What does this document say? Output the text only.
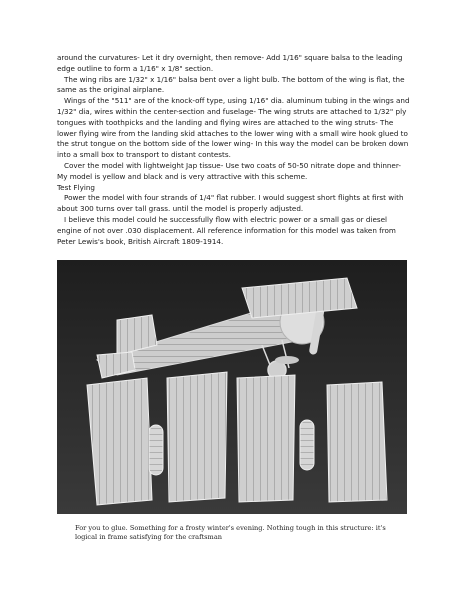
around the curvatures- Let it dry overnight, then remove- Add 1/16" square balsa to the leading edge outline to form a 1/16" x 1/8" section.

The wing ribs are 1/32" x 1/16" balsa bent over a light bulb. The bottom of the wing is flat, the same as the original airplane.

Wings of the "511" are of the knock-off type, using 1/16" dia. aluminum tubing in the wings and 1/32" dia, wires within the center-section and fuselage- The wing struts are attached to 1/32" ply tongues with toothpicks and the landing and flying wires are attached to the wing struts- The lower flying wire from the landing skid attaches to the lower wing with a small wire hook glued to the strut tongue on the bottom side of the lower wing- In this way the model can be broken down into a small box to transport to distant contests.

Cover the model with lightweight Jap tissue- Use two coats of 50-50 nitrate dope and thinner- My model is yellow and black and is very attractive with this scheme.

Test Flying

Power the model with four strands of 1/4" flat rubber. I would suggest short flights at first with about 300 turns over tall grass. until the model is properly adjusted.

I believe this model could he successfully flow with electric power or a small gas or diesel engine of not over .030 displacement. All reference information for this model was taken from Peter Lewis's book, British Aircraft 1809-1914.

For you to glue. Something for a frosty winter's evening. Nothing tough in this structure: it's logical in frame satisfying for the craftsman
